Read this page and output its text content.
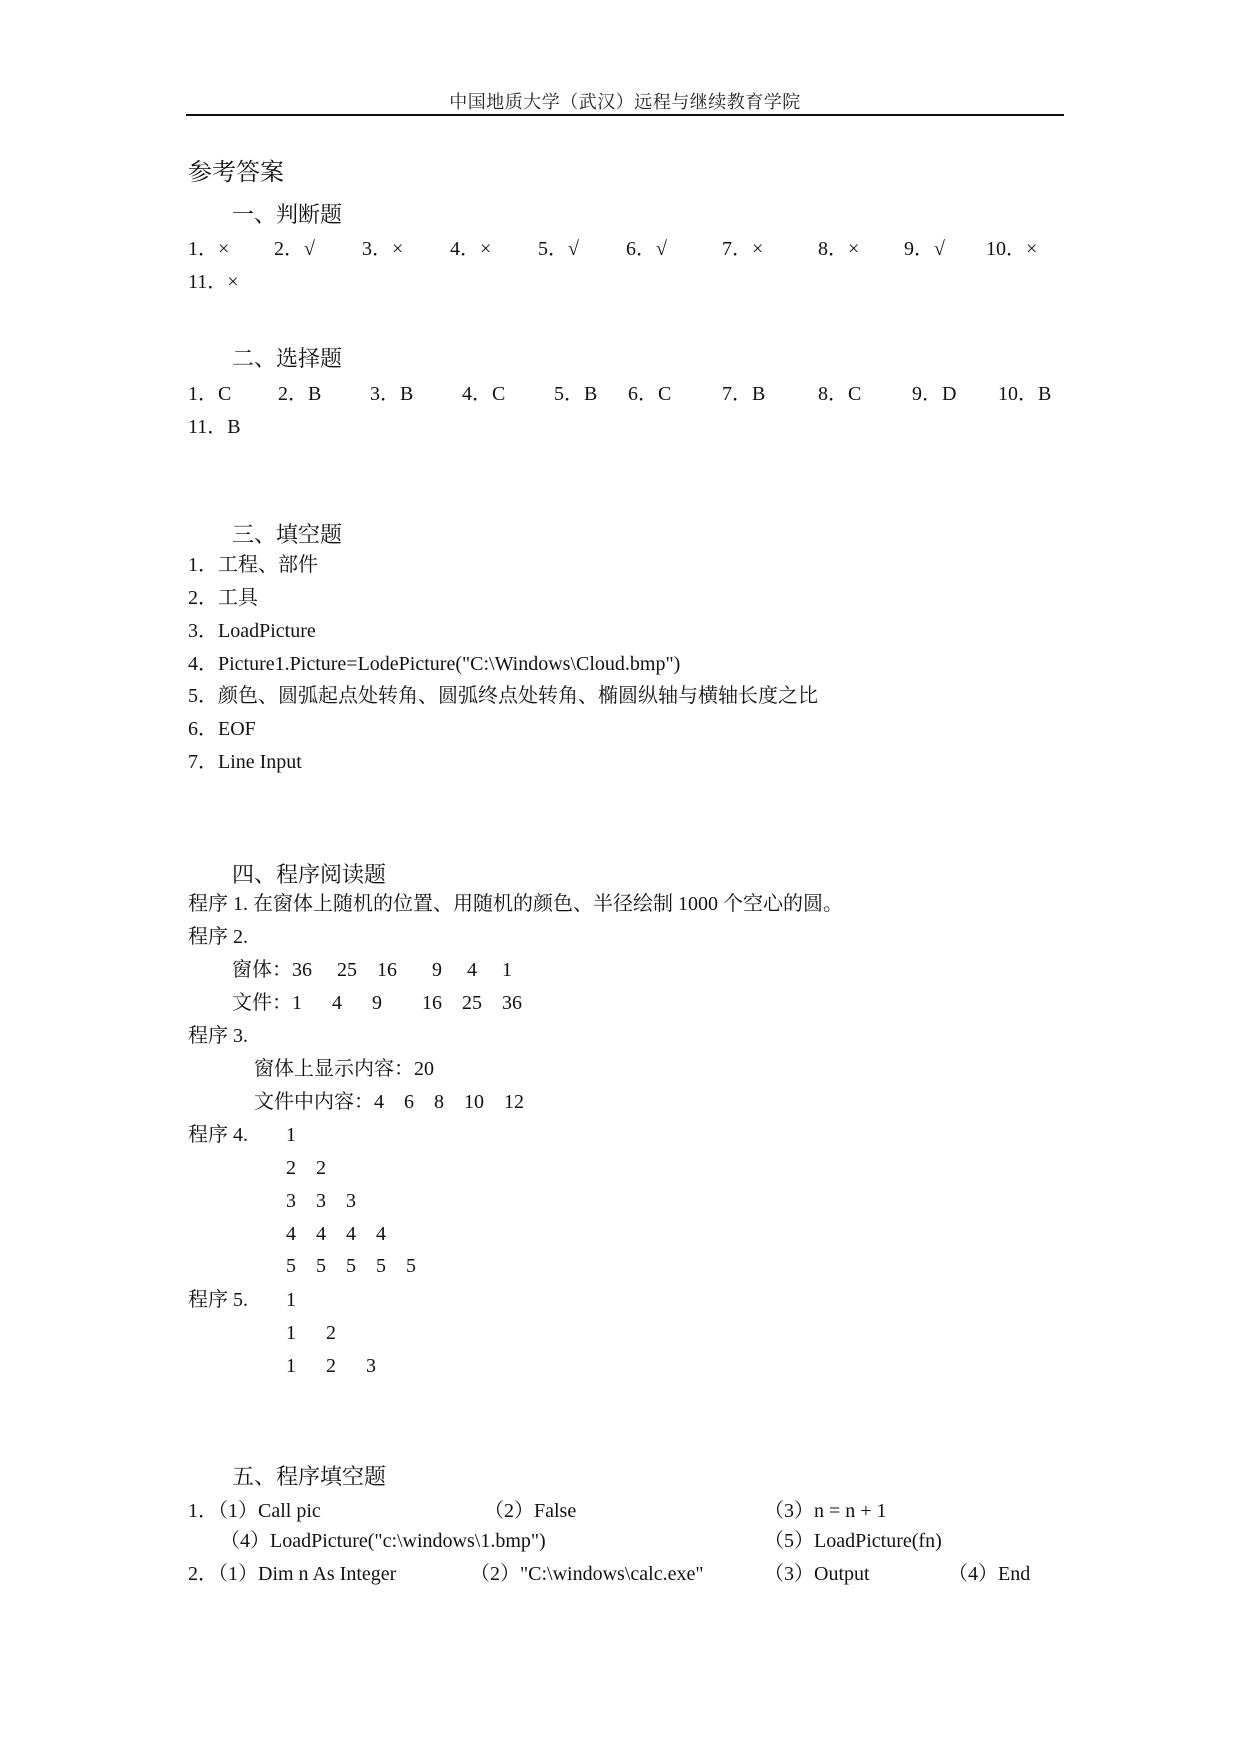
中国地质大学（武汉）远程与继续教育学院
参考答案
一、判断题
1．× 2．√ 3．× 4．× 5．√ 6．√	7．×	8．× 9．√ 10．×
11．×
二、选择题
1．C 2．B 3．B 4．C 5．B 6．C	7．B	8．C	9．D 10．B
11．B
三、填空题
1．工程、部件
2．工具
3．LoadPicture
4．Picture1.Picture=LodePicture("C:\Windows\Cloud.bmp")
5．颜色、圆弧起点处转角、圆弧终点处转角、椭圆纵轴与横轴长度之比
6．EOF
7．Line Input
四、程序阅读题
程序 1. 在窗体上随机的位置、用随机的颜色、半径绘制 1000 个空心的圆。
程序 2.
窗体：36     25    16       9     4     1
文件：1      4      9        16    25    36
程序 3.
窗体上显示内容：20
文件中内容：4    6    8    10    12
程序 4. 1
2    2
3    3    3
4    4    4    4
5    5    5    5    5
程序 5. 1
1      2
1      2      3
五、程序填空题
1．（1）Call pic	（2）False	（3）n = n + 1
（4）LoadPicture("c:\windows\1.bmp")	（5）LoadPicture(fn)
2．（1）Dim n As Integer	（2）"C:\windows\calc.exe"	（3）Output	（4）End
